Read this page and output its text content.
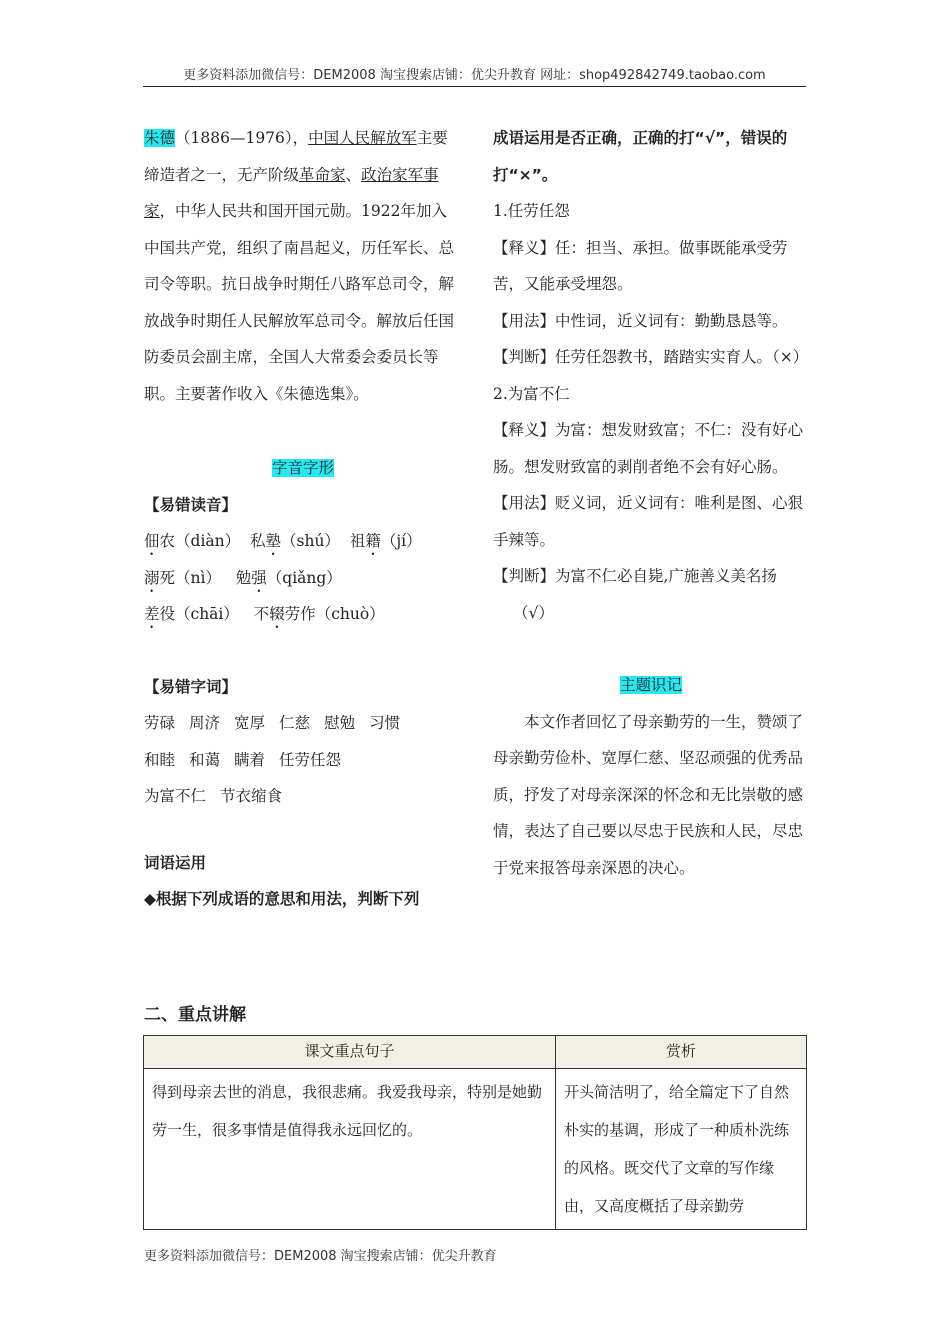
更多资料添加微信号：DEM2008 淘宝搜索店铺：优尖升教育 网址：shop492842749.taobao.com

朱德（1886—1976），中国人民解放军主要缔造者之一，无产阶级革命家、政治家军事家，中华人民共和国开国元勋。1922年加入中国共产党，组织了南昌起义，历任军长、总司令等职。抗日战争时期任八路军总司令，解放战争时期任人民解放军总司令。解放后任国防委员会副主席，全国人大常委会委员长等职。主要著作收入《朱德选集》。

字音字形

【易错读音】

佃农（diàn） 私塾（shú） 祖籍（jí）

溺死（nì） 勉强（qiǎng）

差役（chāi） 不辍劳作（chuò）

【易错字词】

劳碌 周济 宽厚 仁慈 慰勉 习惯

和睦 和蔼 瞒着 任劳任怨

为富不仁 节衣缩食

词语运用

◆根据下列成语的意思和用法，判断下列

成语运用是否正确，正确的打“√”，错误的打“×”。

1.任劳任怨

【释义】任：担当、承担。做事既能承受劳苦，又能承受埋怨。

【用法】中性词，近义词有：勤勤恳恳等。

【判断】任劳任怨教书，踏踏实实育人。（×）

2.为富不仁

【释义】为富：想发财致富；不仁：没有好心肠。想发财致富的剥削者绝不会有好心肠。

【用法】贬义词，近义词有：唯利是图、心狠手辣等。

【判断】为富不仁必自毙,广施善义美名扬

（√）

主题识记

本文作者回忆了母亲勤劳的一生，赞颂了母亲勤劳俭朴、宽厚仁慈、坚忍顽强的优秀品

质，抒发了对母亲深深的怀念和无比崇敬的感情，表达了自己要以尽忠于民族和人民，尽忠于党来报答母亲深恩的决心。

二、重点讲解
课文重点句子	赏析
得到母亲去世的消息，我很悲痛。我爱我母亲，特别是她勤劳一生，很多事情是值得我永远回忆的。	开头简洁明了，给全篇定下了自然朴实的基调，形成了一种质朴洗练的风格。既交代了文章的写作缘由，又高度概括了母亲勤劳
更多资料添加微信号：DEM2008 淘宝搜索店铺：优尖升教育
